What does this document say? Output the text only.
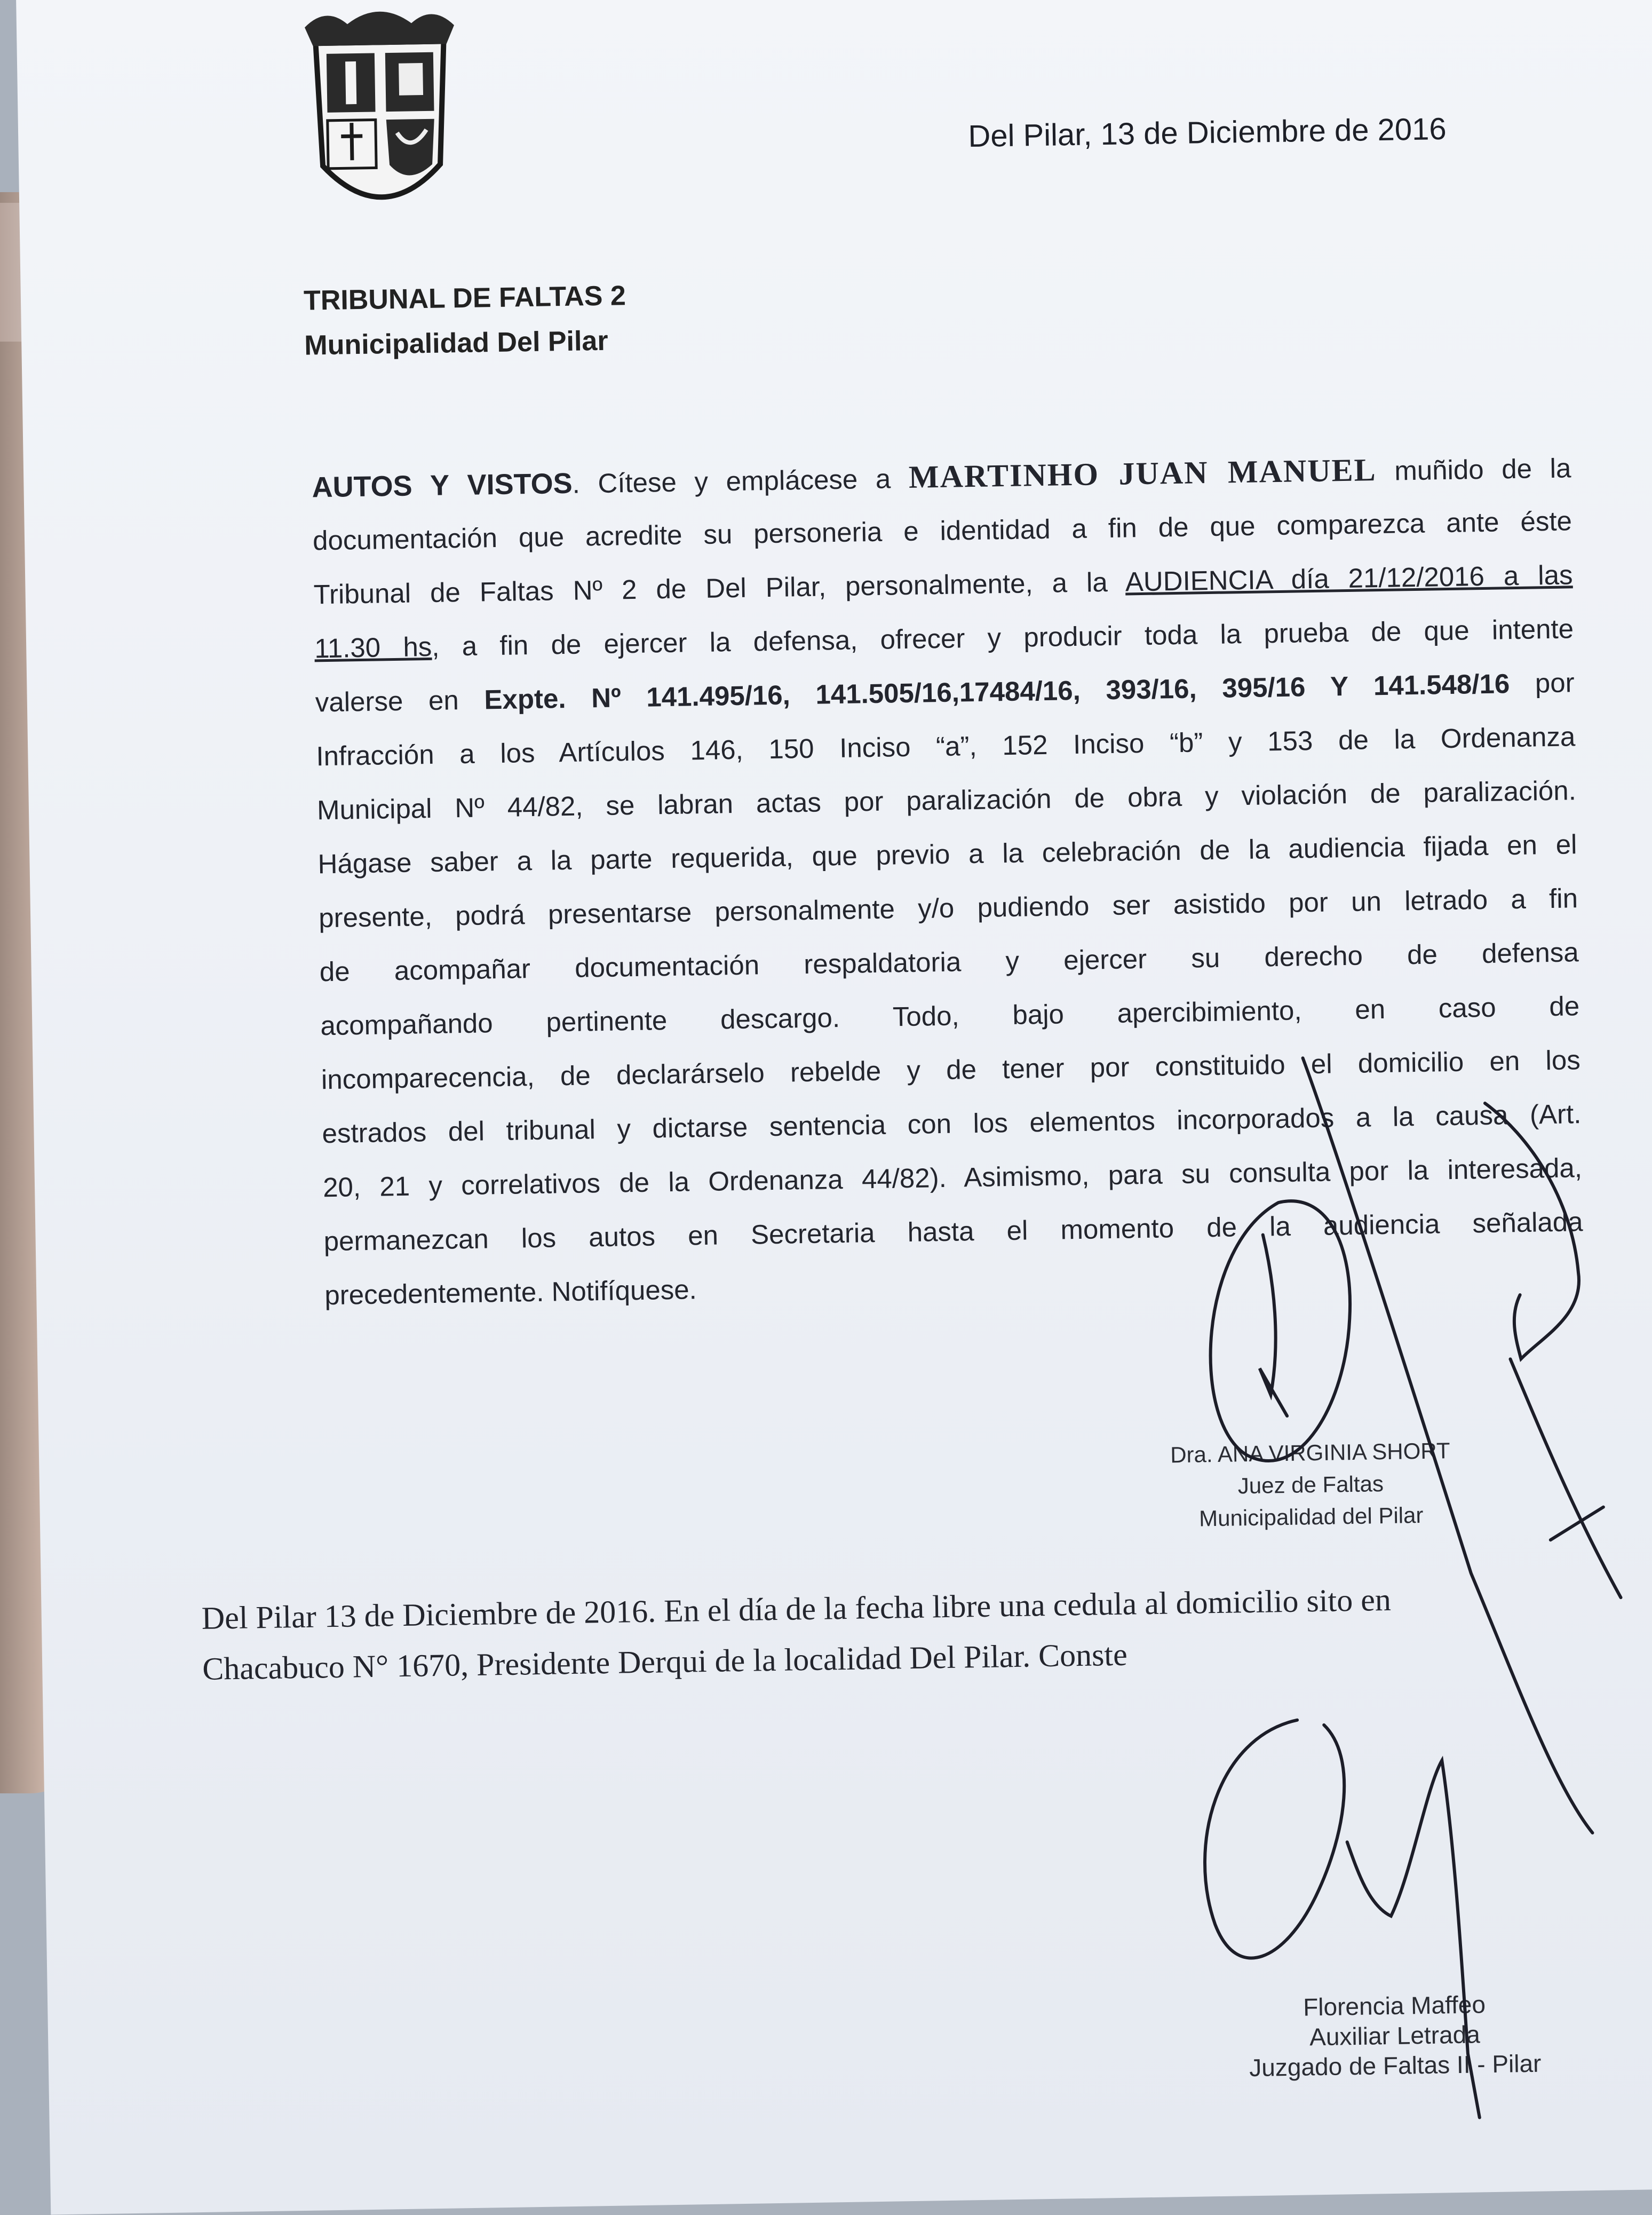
Del Pilar, 13 de Diciembre de 2016
TRIBUNAL DE FALTAS 2
Municipalidad Del Pilar
AUTOS Y VISTOS. Cítese y emplácese a MARTINHO JUAN MANUEL muñido de la
documentación que acredite su personeria e identidad a fin de que comparezca ante éste
Tribunal de Faltas Nº 2 de Del Pilar, personalmente, a la AUDIENCIA día 21/12/2016 a las
11.30 hs, a fin de ejercer la defensa, ofrecer y producir toda la prueba de que intente
valerse en Expte. Nº 141.495/16, 141.505/16,17484/16, 393/16, 395/16 Y 141.548/16 por
Infracción a los Artículos 146, 150 Inciso “a”, 152 Inciso “b” y 153 de la Ordenanza
Municipal Nº 44/82, se labran actas por paralización de obra y violación de paralización.
Hágase saber a la parte requerida, que previo a la celebración de la audiencia fijada en el
presente, podrá presentarse personalmente y/o pudiendo ser asistido por un letrado a fin
de acompañar documentación respaldatoria y ejercer su derecho de defensa
acompañando pertinente descargo. Todo, bajo apercibimiento, en caso de
incomparecencia, de declarárselo rebelde y de tener por constituido el domicilio en los
estrados del tribunal y dictarse sentencia con los elementos incorporados a la causa (Art.
20, 21 y correlativos de la Ordenanza 44/82). Asimismo, para su consulta por la interesada,
permanezcan los autos en Secretaria hasta el momento de la audiencia señalada
precedentemente. Notifíquese.
Dra. ANA VIRGINIA SHORT
Juez de Faltas
Municipalidad del Pilar
Del Pilar 13 de Diciembre de 2016. En el día de la fecha libre una cedula al domicilio sito en
Chacabuco N° 1670, Presidente Derqui de la localidad Del Pilar. Conste
Florencia Maffeo
Auxiliar Letrada
Juzgado de Faltas II - Pilar
